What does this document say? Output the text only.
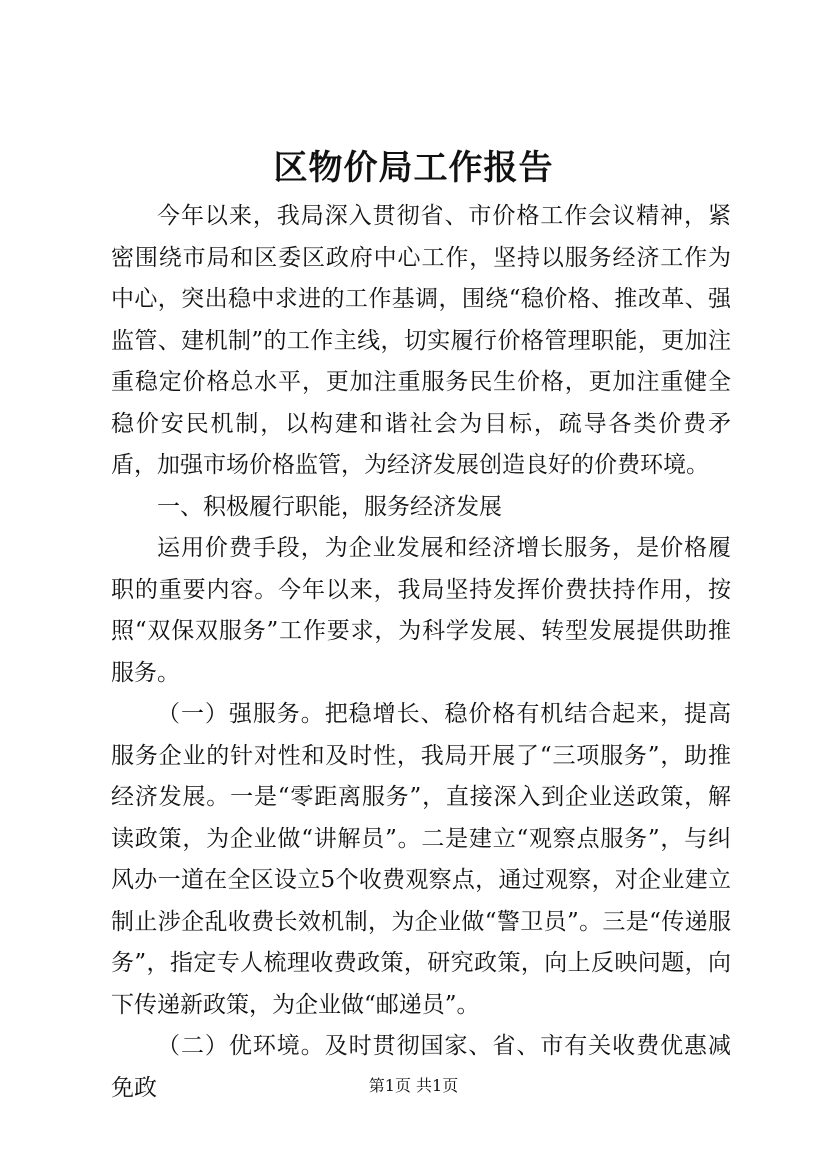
区物价局工作报告

今年以来，我局深入贯彻省、市价格工作会议精神，紧密围绕市局和区委区政府中心工作，坚持以服务经济工作为中心，突出稳中求进的工作基调，围绕“稳价格、推改革、强监管、建机制”的工作主线，切实履行价格管理职能，更加注重稳定价格总水平，更加注重服务民生价格，更加注重健全稳价安民机制，以构建和谐社会为目标，疏导各类价费矛盾，加强市场价格监管，为经济发展创造良好的价费环境。

一、积极履行职能，服务经济发展

运用价费手段，为企业发展和经济增长服务，是价格履职的重要内容。今年以来，我局坚持发挥价费扶持作用，按照“双保双服务”工作要求，为科学发展、转型发展提供助推服务。

（一）强服务。把稳增长、稳价格有机结合起来，提高服务企业的针对性和及时性，我局开展了“三项服务”，助推经济发展。一是“零距离服务”，直接深入到企业送政策，解读政策，为企业做“讲解员”。二是建立“观察点服务”，与纠风办一道在全区设立5个收费观察点，通过观察，对企业建立制止涉企乱收费长效机制，为企业做“警卫员”。三是“传递服务”，指定专人梳理收费政策，研究政策，向上反映问题，向下传递新政策，为企业做“邮递员”。

（二）优环境。及时贯彻国家、省、市有关收费优惠减免政	第1页 共1页
